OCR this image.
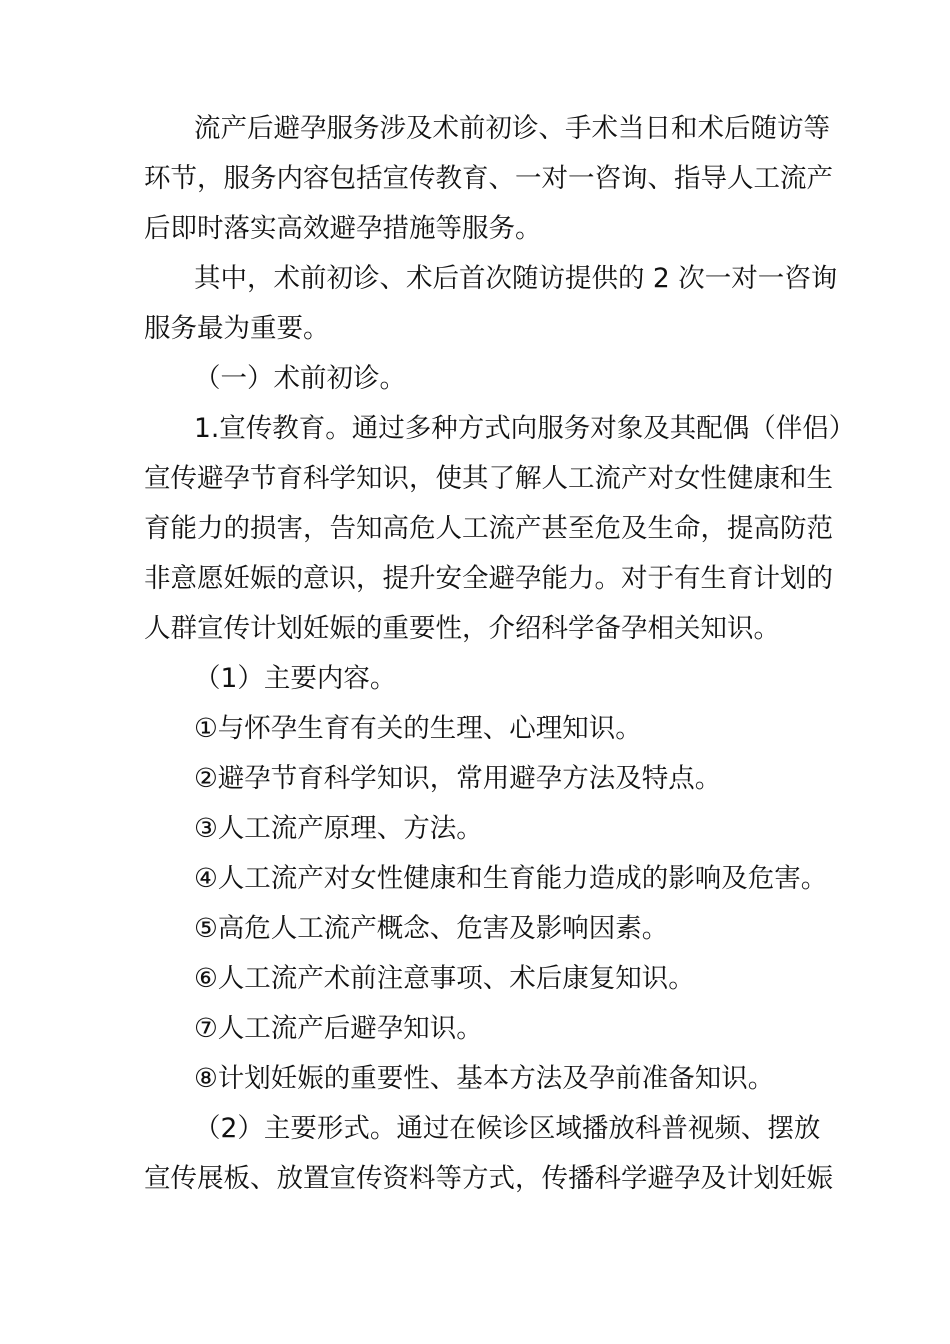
流产后避孕服务涉及术前初诊、手术当日和术后随访等

环节，服务内容包括宣传教育、一对一咨询、指导人工流产

后即时落实高效避孕措施等服务。

其中，术前初诊、术后首次随访提供的 2 次一对一咨询

服务最为重要。

（一）术前初诊。

1.宣传教育。通过多种方式向服务对象及其配偶（伴侣）

宣传避孕节育科学知识，使其了解人工流产对女性健康和生

育能力的损害，告知高危人工流产甚至危及生命，提高防范

非意愿妊娠的意识，提升安全避孕能力。对于有生育计划的

人群宣传计划妊娠的重要性，介绍科学备孕相关知识。

（1）主要内容。

①与怀孕生育有关的生理、心理知识。

②避孕节育科学知识，常用避孕方法及特点。

③人工流产原理、方法。

④人工流产对女性健康和生育能力造成的影响及危害。

⑤高危人工流产概念、危害及影响因素。

⑥人工流产术前注意事项、术后康复知识。

⑦人工流产后避孕知识。

⑧计划妊娠的重要性、基本方法及孕前准备知识。

（2）主要形式。通过在候诊区域播放科普视频、摆放

宣传展板、放置宣传资料等方式，传播科学避孕及计划妊娠
